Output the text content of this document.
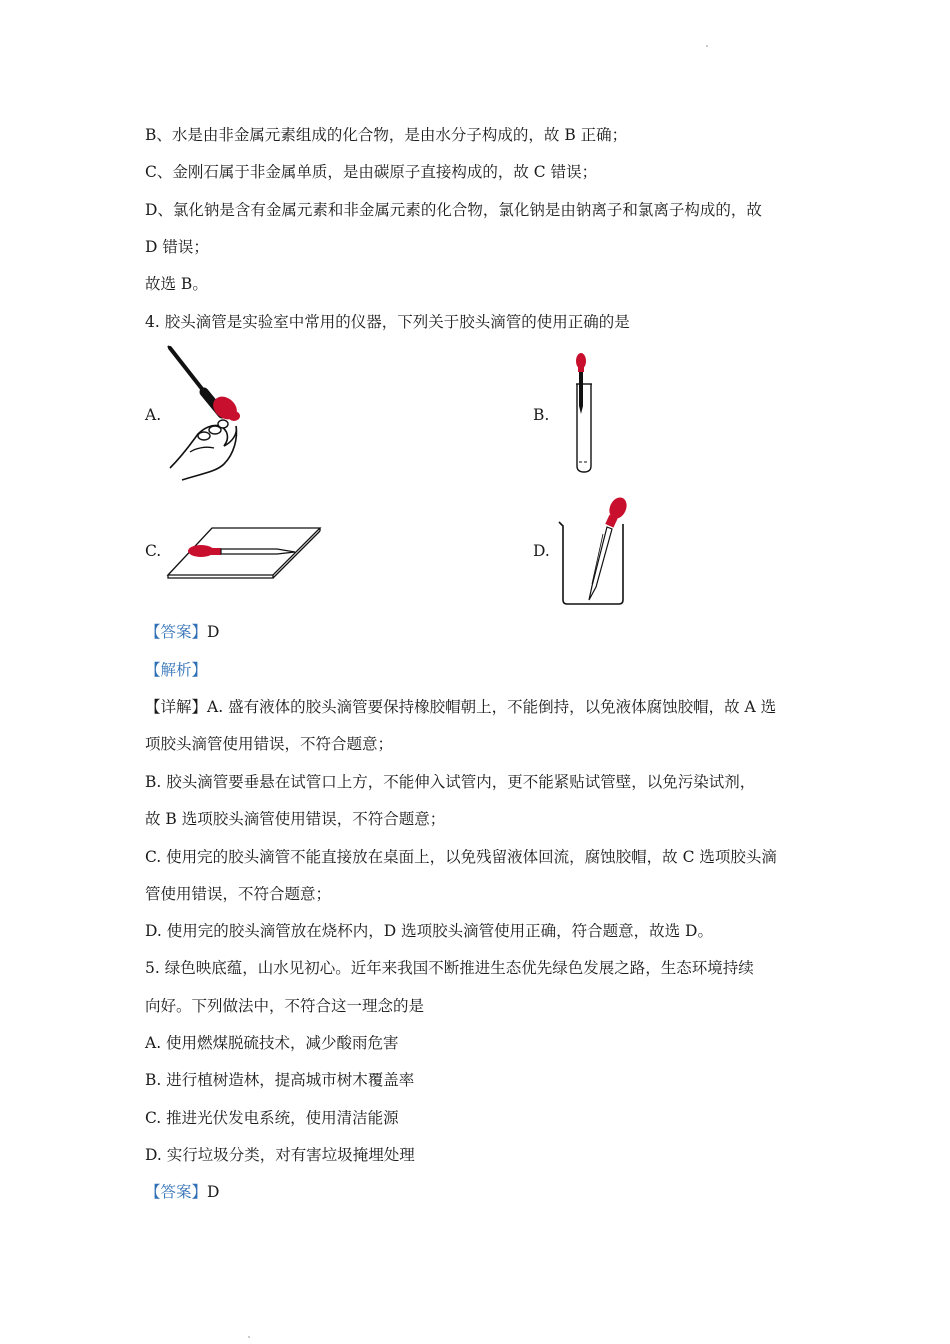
B、水是由非金属元素组成的化合物，是由水分子构成的，故 B 正确；
C、金刚石属于非金属单质，是由碳原子直接构成的，故 C 错误；
D、氯化钠是含有金属元素和非金属元素的化合物，氯化钠是由钠离子和氯离子构成的，故
D 错误；
故选 B。
4. 胶头滴管是实验室中常用的仪器，下列关于胶头滴管的使用正确的是
A.	B.
C.	D.
【答案】D
【解析】
【详解】A. 盛有液体的胶头滴管要保持橡胶帽朝上，不能倒持，以免液体腐蚀胶帽，故 A 选
项胶头滴管使用错误，不符合题意；
B. 胶头滴管要垂悬在试管口上方，不能伸入试管内，更不能紧贴试管壁，以免污染试剂，
故 B 选项胶头滴管使用错误，不符合题意；
C. 使用完的胶头滴管不能直接放在桌面上，以免残留液体回流，腐蚀胶帽，故 C 选项胶头滴
管使用错误，不符合题意；
D. 使用完的胶头滴管放在烧杯内，D 选项胶头滴管使用正确，符合题意，故选 D。
5. 绿色映底蕴，山水见初心。近年来我国不断推进生态优先绿色发展之路，生态环境持续
向好。下列做法中，不符合这一理念的是
A. 使用燃煤脱硫技术，减少酸雨危害
B. 进行植树造林，提高城市树木覆盖率
C. 推进光伏发电系统，使用清洁能源
D. 实行垃圾分类，对有害垃圾掩埋处理
【答案】D
